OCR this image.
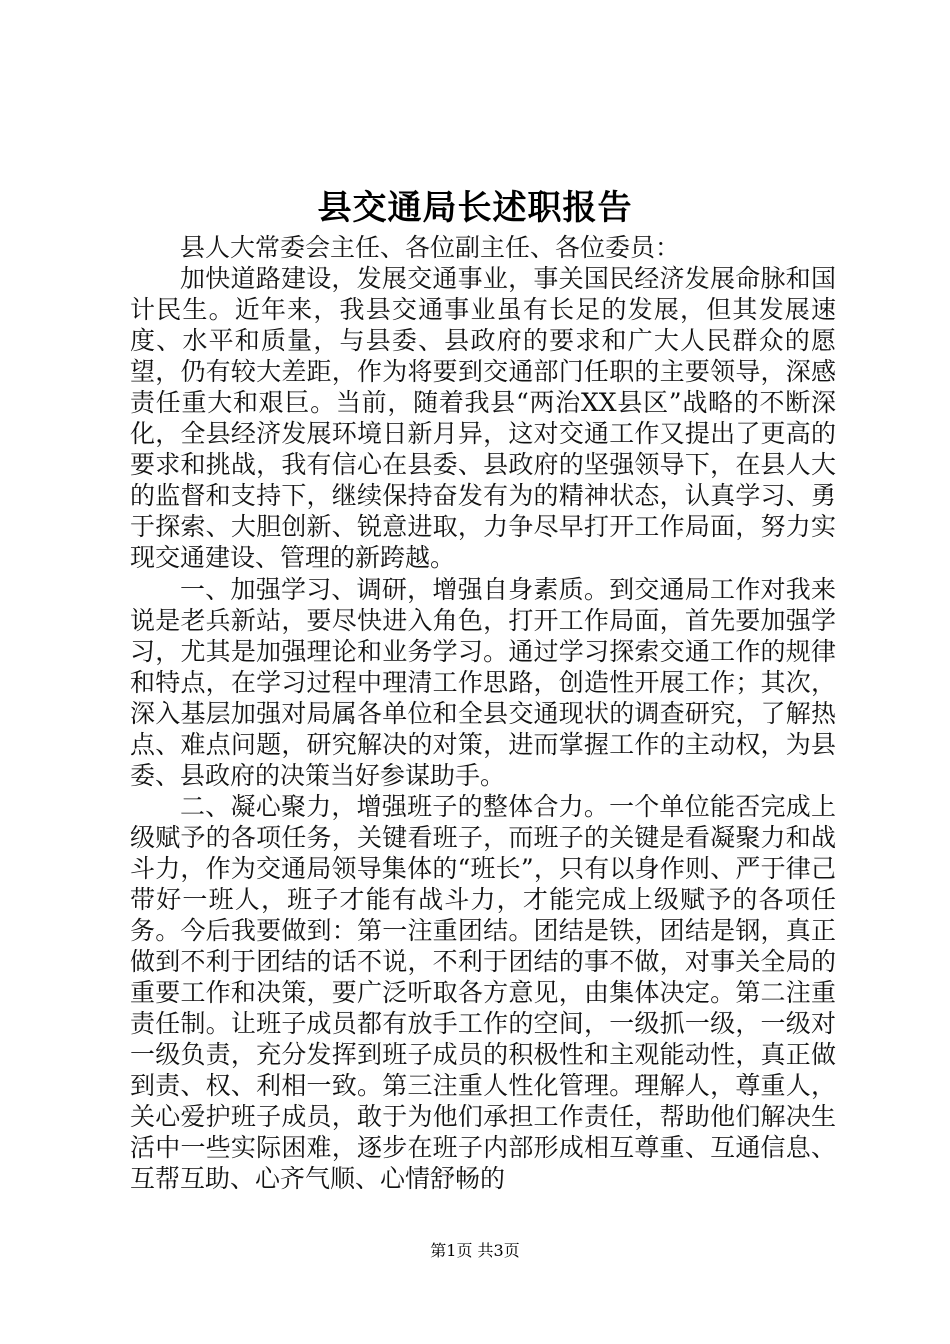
县交通局长述职报告

县人大常委会主任、各位副主任、各位委员：

加快道路建设，发展交通事业，事关国民经济发展命脉和国计民生。近年来，我县交通事业虽有长足的发展，但其发展速度、水平和质量，与县委、县政府的要求和广大人民群众的愿望，仍有较大差距，作为将要到交通部门任职的主要领导，深感责任重大和艰巨。当前，随着我县“两治XX县区”战略的不断深化，全县经济发展环境日新月异，这对交通工作又提出了更高的要求和挑战，我有信心在县委、县政府的坚强领导下，在县人大的监督和支持下，继续保持奋发有为的精神状态，认真学习、勇于探索、大胆创新、锐意进取，力争尽早打开工作局面，努力实现交通建设、管理的新跨越。

一、加强学习、调研，增强自身素质。到交通局工作对我来说是老兵新站，要尽快进入角色，打开工作局面，首先要加强学习，尤其是加强理论和业务学习。通过学习探索交通工作的规律和特点，在学习过程中理清工作思路，创造性开展工作；其次，深入基层加强对局属各单位和全县交通现状的调查研究，了解热点、难点问题，研究解决的对策，进而掌握工作的主动权，为县委、县政府的决策当好参谋助手。

二、凝心聚力，增强班子的整体合力。一个单位能否完成上级赋予的各项任务，关键看班子，而班子的关键是看凝聚力和战斗力，作为交通局领导集体的“班长”，只有以身作则、严于律己带好一班人，班子才能有战斗力，才能完成上级赋予的各项任务。今后我要做到：第一注重团结。团结是铁，团结是钢，真正做到不利于团结的话不说，不利于团结的事不做，对事关全局的重要工作和决策，要广泛听取各方意见，由集体决定。第二注重责任制。让班子成员都有放手工作的空间，一级抓一级，一级对一级负责，充分发挥到班子成员的积极性和主观能动性，真正做到责、权、利相一致。第三注重人性化管理。理解人，尊重人，关心爱护班子成员，敢于为他们承担工作责任，帮助他们解决生活中一些实际困难，逐步在班子内部形成相互尊重、互通信息、互帮互助、心齐气顺、心情舒畅的

第1页 共3页
